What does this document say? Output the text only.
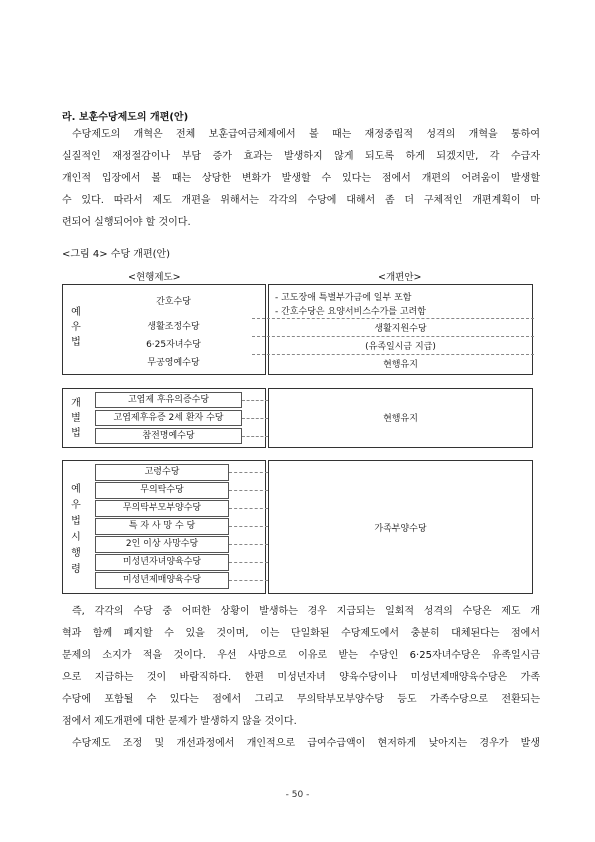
라. 보훈수당제도의 개편(안)
수당제도의 개혁은 전체 보훈급여금체제에서 볼 때는 재정중립적 성격의 개혁을 통하여
실질적인 재정절감이나 부담 증가 효과는 발생하지 않게 되도록 하게 되겠지만, 각 수급자
개인적 입장에서 볼 때는 상당한 변화가 발생할 수 있다는 점에서 개편의 어려움이 발생할
수 있다. 따라서 제도 개편을 위해서는 각각의 수당에 대해서 좀 더 구체적인 개편계획이 마
련되어 실행되어야 할 것이다.
<그림 4> 수당 개편(안)
<현행제도>	<개편안>
예
우
법
간호수당
생활조정수당
6·25자녀수당
무공영예수당
- 고도장애 특별부가금에 일부 포함
- 간호수당은 요양서비스수가를 고려함
생활지원수당
(유족일시금 지급)
현행유지
개
별
법
고엽제 후유의증수당
고엽제후유증 2세 환자 수당
참전명예수당
현행유지
예
우
법
시
행
령
고령수당
무의탁수당
무의탁부모부양수당
특 자 사 망 수 당
2인 이상 사망수당
미성년자녀양육수당
미성년제매양육수당
가족부양수당
즉, 각각의 수당 중 어떠한 상황이 발생하는 경우 지급되는 일회적 성격의 수당은 제도 개
혁과 함께 폐지할 수 있을 것이며, 이는 단일화된 수당제도에서 충분히 대체된다는 점에서
문제의 소지가 적을 것이다. 우선 사망으로 이유로 받는 수당인 6·25자녀수당은 유족일시금
으로 지급하는 것이 바람직하다. 한편 미성년자녀 양육수당이나 미성년제매양육수당은 가족
수당에 포함될 수 있다는 점에서 그리고 무의탁부모부양수당 등도 가족수당으로 전환되는
점에서 제도개편에 대한 문제가 발생하지 않을 것이다.
수당제도 조정 및 개선과정에서 개인적으로 급여수급액이 현저하게 낮아지는 경우가 발생
- 50 -
